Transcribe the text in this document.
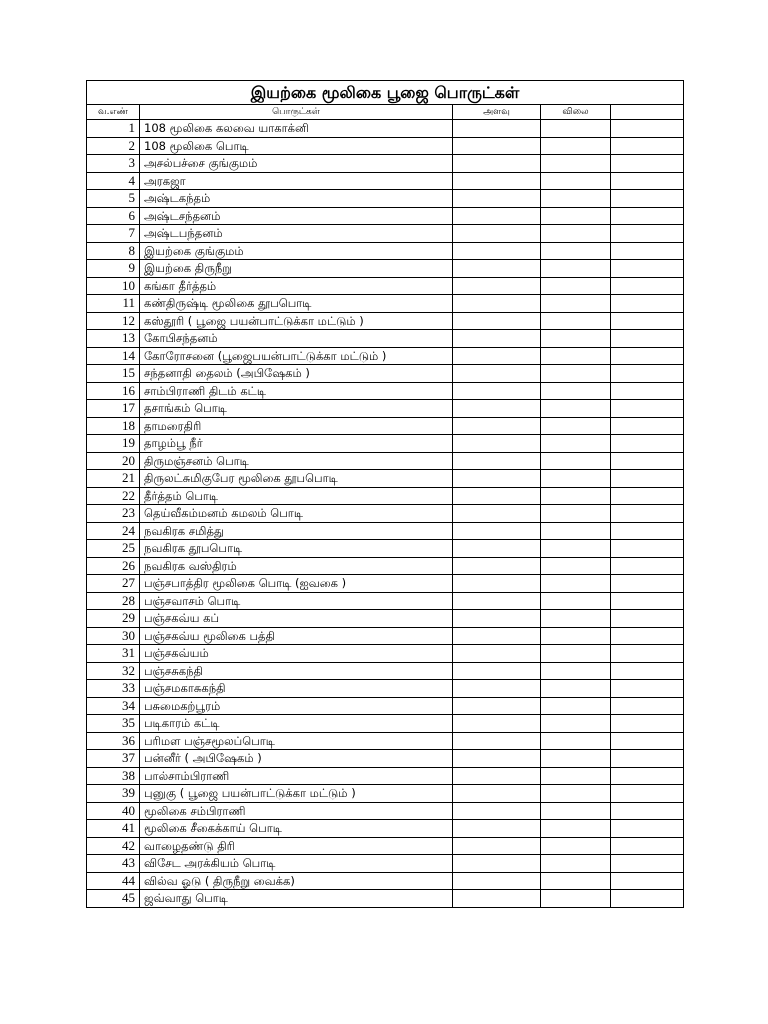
இயற்கை மூலிகை பூஜை பொருட்கள்				
வ.எண்	பொருட்கள்	அளவு	விலை	
1	108 மூலிகை கலவை யாகாக்னி			
2	108 மூலிகை பொடி			
3	அசல்பச்சை குங்குமம்			
4	அரகஜா			
5	அஷ்டகந்தம்			
6	அஷ்டசந்தனம்			
7	அஷ்டபந்தனம்			
8	இயற்கை குங்குமம்			
9	இயற்கை திருநீறு			
10	கங்கா தீர்த்தம்			
11	கண்திருஷ்டி மூலிகை தூபபொடி			
12	கஸ்தூரி ( பூஜை பயன்பாட்டுக்கா மட்டும் )			
13	கோபிசந்தனம்			
14	கோரோசனை (பூஜைபயன்பாட்டுக்கா மட்டும் )			
15	சந்தனாதி தைலம் (அபிஷேகம் )			
16	சாம்பிராணி திடம் கட்டி			
17	தசாங்கம் பொடி			
18	தாமரைதிரி			
19	தாழம்பூ நீர்			
20	திருமஞ்சனம் பொடி			
21	திருலட்சுமிகுபேர மூலிகை தூபபொடி			
22	தீர்த்தம் பொடி			
23	தெய்வீகம்மனம் கமலம் பொடி			
24	நவகிரக சமித்து			
25	நவகிரக தூபபொடி			
26	நவகிரக வஸ்திரம்			
27	பஞ்சபாத்திர மூலிகை பொடி (ஐவகை )			
28	பஞ்சவாசம் பொடி			
29	பஞ்சகவ்ய கப்			
30	பஞ்சகவ்ய மூலிகை பத்தி			
31	பஞ்சகவ்யம்			
32	பஞ்சசுகந்தி			
33	பஞ்சமகாசுகந்தி			
34	பசுமைகற்பூரம்			
35	படிகாரம் கட்டி			
36	பரிமள பஞ்சமூலப்பொடி			
37	பன்னீர் ( அபிஷேகம் )			
38	பால்சாம்பிராணி			
39	புனுகு ( பூஜை பயன்பாட்டுக்கா மட்டும் )			
40	மூலிகை சம்பிராணி			
41	மூலிகை சீகைக்காய் பொடி			
42	வாழைதண்டு திரி			
43	விசேட அரக்கியம் பொடி			
44	வில்வ ஓடு ( திருநீறு வைக்க)			
45	ஜவ்வாது பொடி			
